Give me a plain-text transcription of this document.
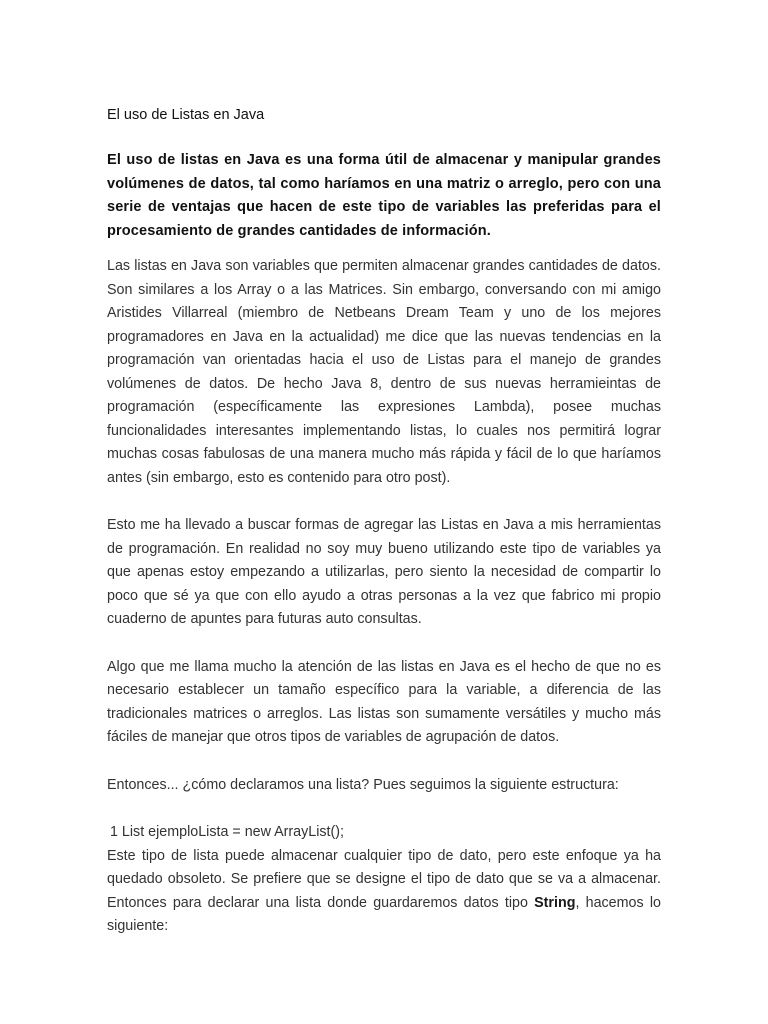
El uso de Listas en Java

El uso de listas en Java es una forma útil de almacenar y manipular grandes volúmenes de datos, tal como haríamos en una matriz o arreglo, pero con una serie de ventajas que hacen de este tipo de variables las preferidas para el procesamiento de grandes cantidades de información.

Las listas en Java son variables que permiten almacenar grandes cantidades de datos. Son similares a los Array o a las Matrices. Sin embargo, conversando con mi amigo Aristides Villarreal (miembro de Netbeans Dream Team y uno de los mejores programadores en Java en la actualidad) me dice que las nuevas tendencias en la programación van orientadas hacia el uso de Listas para el manejo de grandes volúmenes de datos. De hecho Java 8, dentro de sus nuevas herramieintas de programación (específicamente las expresiones Lambda), posee muchas funcionalidades interesantes implementando listas, lo cuales nos permitirá lograr muchas cosas fabulosas de una manera mucho más rápida y fácil de lo que haríamos antes (sin embargo, esto es contenido para otro post).

Esto me ha llevado a buscar formas de agregar las Listas en Java a mis herramientas de programación. En realidad no soy muy bueno utilizando este tipo de variables ya que apenas estoy empezando a utilizarlas, pero siento la necesidad de compartir lo poco que sé ya que con ello ayudo a otras personas a la vez que fabrico mi propio cuaderno de apuntes para futuras auto consultas.

Algo que me llama mucho la atención de las listas en Java es el hecho de que no es necesario establecer un tamaño específico para la variable, a diferencia de las tradicionales matrices o arreglos. Las listas son sumamente versátiles y mucho más fáciles de manejar que otros tipos de variables de agrupación de datos.

Entonces... ¿cómo declaramos una lista? Pues seguimos la siguiente estructura:

1 List ejemploLista = new ArrayList();

Este tipo de lista puede almacenar cualquier tipo de dato, pero este enfoque ya ha quedado obsoleto. Se prefiere que se designe el tipo de dato que se va a almacenar. Entonces para declarar una lista donde guardaremos datos tipo String, hacemos lo siguiente:
